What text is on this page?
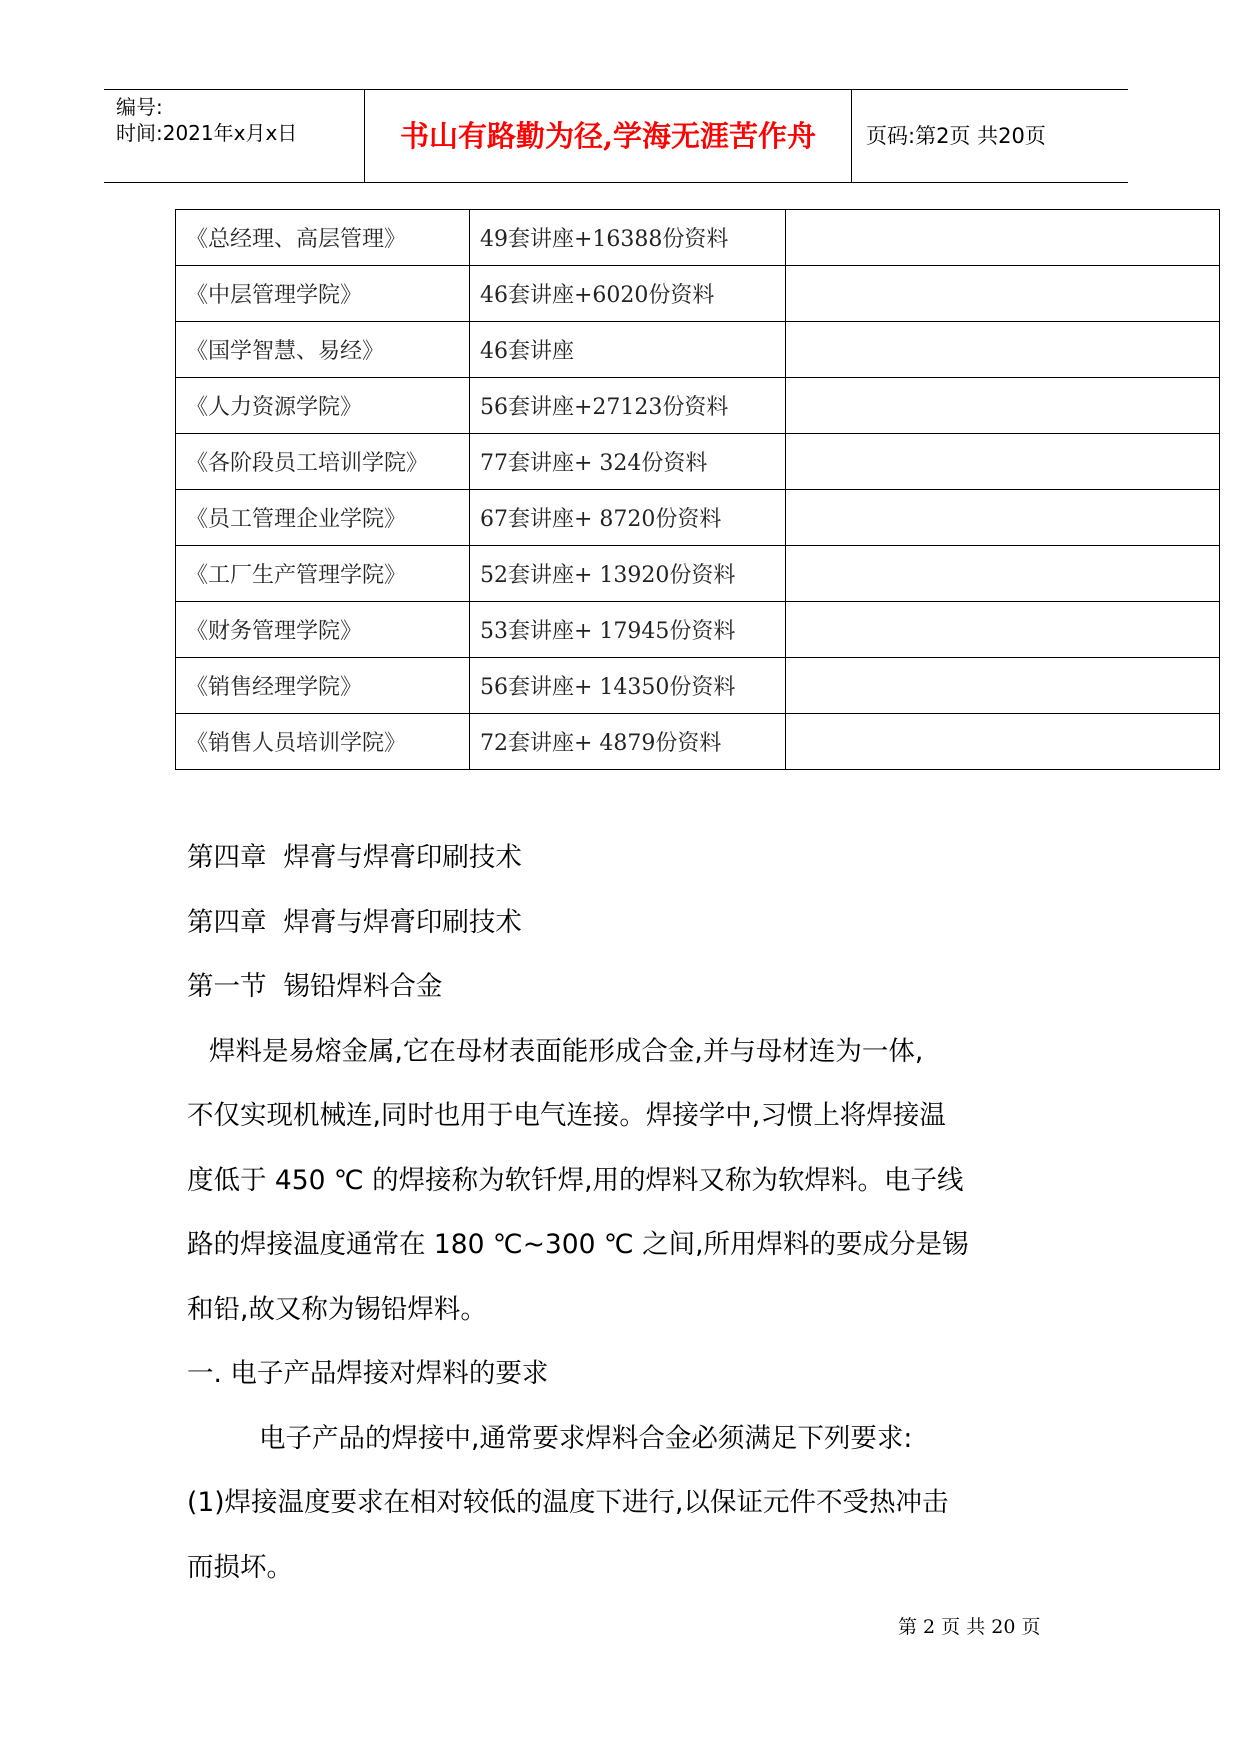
编号:
时间:2021年x月x日	书山有路勤为径,学海无涯苦作舟	页码:第2页 共20页
《总经理、高层管理》	49套讲座+16388份资料	
《中层管理学院》	46套讲座+6020份资料	
《国学智慧、易经》	46套讲座	
《人力资源学院》	56套讲座+27123份资料	
《各阶段员工培训学院》	77套讲座+ 324份资料	
《员工管理企业学院》	67套讲座+ 8720份资料	
《工厂生产管理学院》	52套讲座+ 13920份资料	
《财务管理学院》	53套讲座+ 17945份资料	
《销售经理学院》	56套讲座+ 14350份资料	
《销售人员培训学院》	72套讲座+ 4879份资料	

第四章  焊膏与焊膏印刷技术

第四章  焊膏与焊膏印刷技术

第一节  锡铅焊料合金

焊料是易熔金属,它在母材表面能形成合金,并与母材连为一体,

不仅实现机械连,同时也用于电气连接。焊接学中,习惯上将焊接温

度低于 450 ℃ 的焊接称为软钎焊,用的焊料又称为软焊料。电子线

路的焊接温度通常在 180 ℃~300 ℃ 之间,所用焊料的要成分是锡

和铅,故又称为锡铅焊料。

一. 电子产品焊接对焊料的要求

电子产品的焊接中,通常要求焊料合金必须满足下列要求:

(1)焊接温度要求在相对较低的温度下进行,以保证元件不受热冲击

而损坏。

第 2 页 共 20 页
